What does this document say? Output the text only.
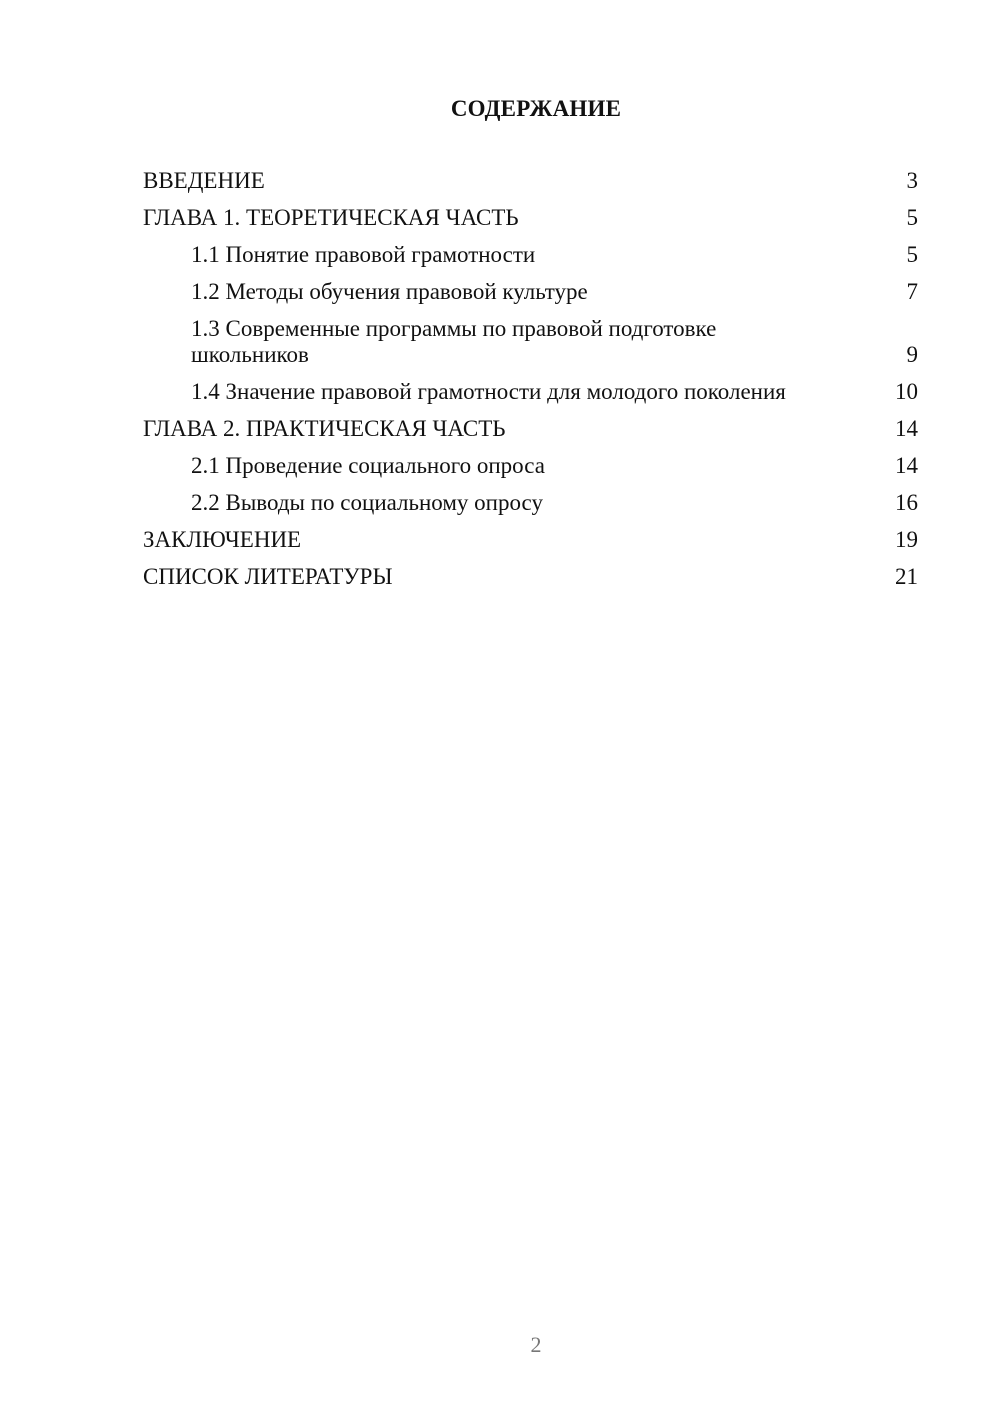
СОДЕРЖАНИЕ
ВВЕДЕНИЕ	3
ГЛАВА 1. ТЕОРЕТИЧЕСКАЯ ЧАСТЬ	5
1.1 Понятие правовой грамотности	5
1.2 Методы обучения правовой культуре	7
1.3 Современные программы по правовой подготовке школьников	9
1.4 Значение правовой грамотности для молодого поколения	10
ГЛАВА 2. ПРАКТИЧЕСКАЯ ЧАСТЬ	14
2.1 Проведение социального опроса	14
2.2 Выводы по социальному опросу	16
ЗАКЛЮЧЕНИЕ	19
СПИСОК ЛИТЕРАТУРЫ	21
2
